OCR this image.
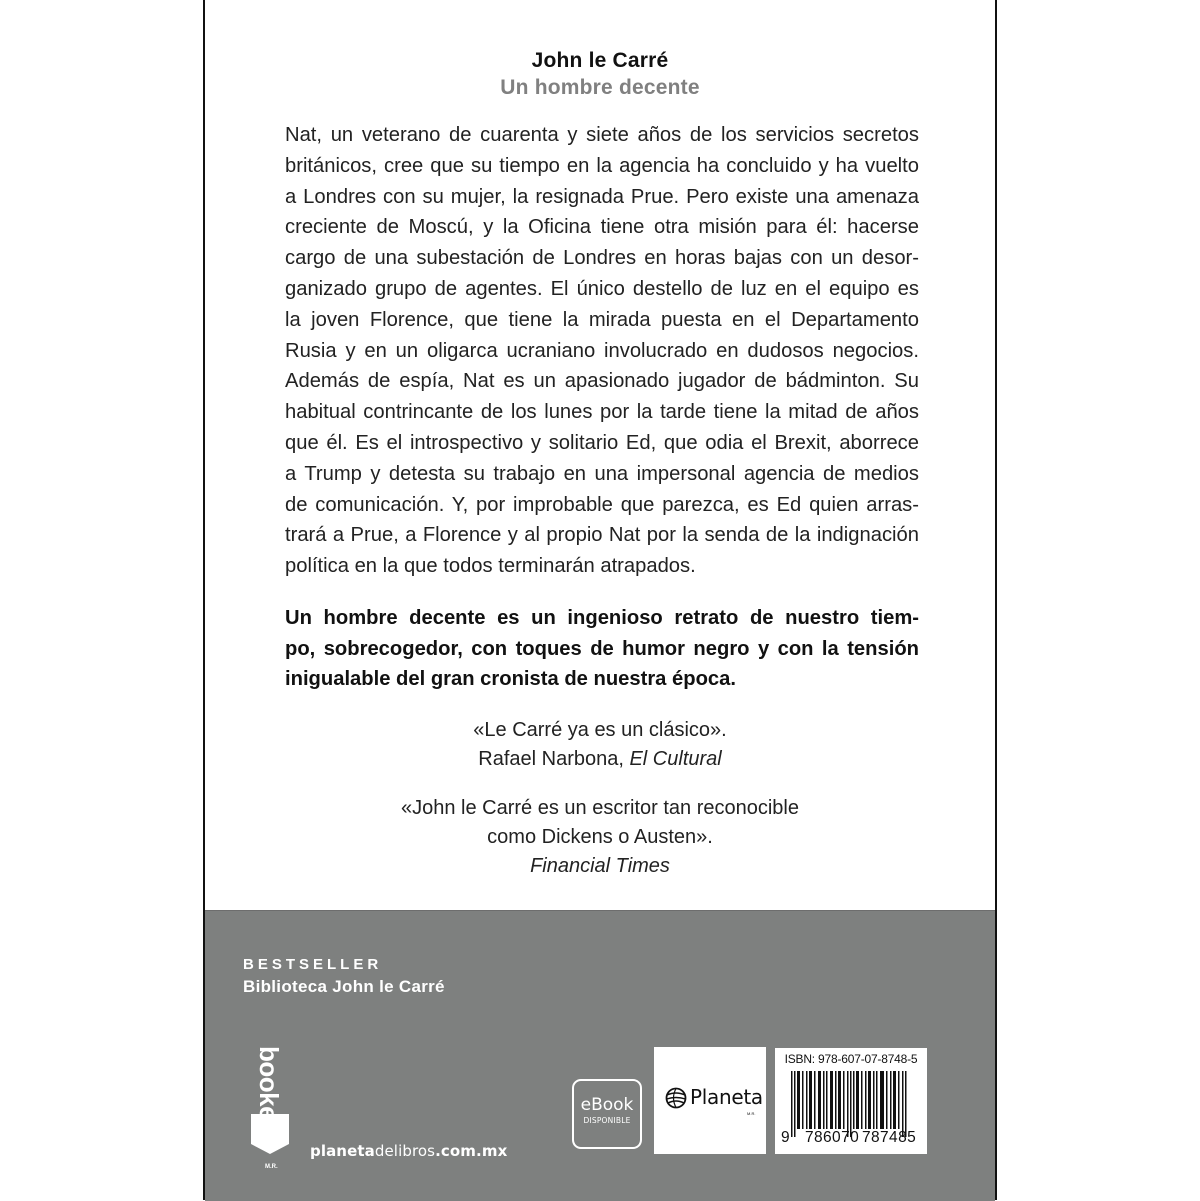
John le Carré
Un hombre decente

Nat, un veterano de cuarenta y siete años de los servicios secretos
británicos, cree que su tiempo en la agencia ha concluido y ha vuelto
a Londres con su mujer, la resignada Prue. Pero existe una amenaza
creciente de Moscú, y la Oficina tiene otra misión para él: hacerse
cargo de una subestación de Londres en horas bajas con un desor-
ganizado grupo de agentes. El único destello de luz en el equipo es
la joven Florence, que tiene la mirada puesta en el Departamento
Rusia y en un oligarca ucraniano involucrado en dudosos negocios.
Además de espía, Nat es un apasionado jugador de bádminton. Su
habitual contrincante de los lunes por la tarde tiene la mitad de años
que él. Es el introspectivo y solitario Ed, que odia el Brexit, aborrece
a Trump y detesta su trabajo en una impersonal agencia de medios
de comunicación. Y, por improbable que parezca, es Ed quien arras-
trará a Prue, a Florence y al propio Nat por la senda de la indignación
política en la que todos terminarán atrapados.

Un hombre decente es un ingenioso retrato de nuestro tiem-
po, sobrecogedor, con toques de humor negro y con la tensión
inigualable del gran cronista de nuestra época.

«Le Carré ya es un clásico».
Rafael Narbona, El Cultural
«John le Carré es un escritor tan reconocible
como Dickens o Austen».
Financial Times
BESTSELLER
Biblioteca John le Carré
booket
M.R.
planetadelibros.com.mx
eBook
DISPONIBLE
Planeta
M.R.
ISBN: 978-607-07-8748-5
9 786070 787485
